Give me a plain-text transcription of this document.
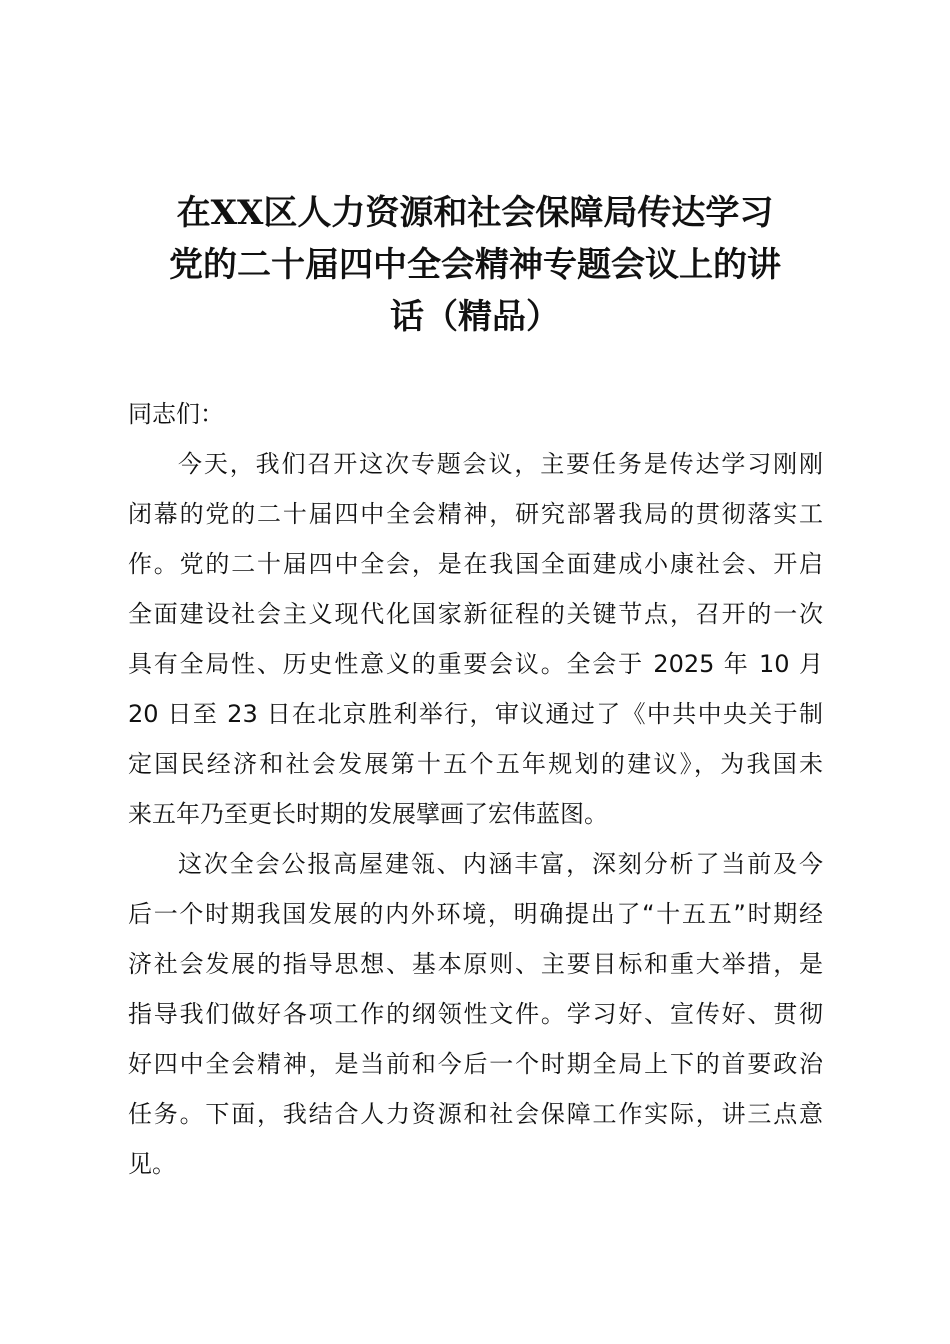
在XX区人力资源和社会保障局传达学习
党的二十届四中全会精神专题会议上的讲
话（精品）
同志们：
今天，我们召开这次专题会议，主要任务是传达学习刚刚
闭幕的党的二十届四中全会精神，研究部署我局的贯彻落实工
作。党的二十届四中全会，是在我国全面建成小康社会、开启
全面建设社会主义现代化国家新征程的关键节点，召开的一次
具有全局性、历史性意义的重要会议。全会于 2025 年 10 月
20 日至 23 日在北京胜利举行，审议通过了《中共中央关于制
定国民经济和社会发展第十五个五年规划的建议》，为我国未
来五年乃至更长时期的发展擘画了宏伟蓝图。
这次全会公报高屋建瓴、内涵丰富，深刻分析了当前及今
后一个时期我国发展的内外环境，明确提出了“十五五”时期经
济社会发展的指导思想、基本原则、主要目标和重大举措，是
指导我们做好各项工作的纲领性文件。学习好、宣传好、贯彻
好四中全会精神，是当前和今后一个时期全局上下的首要政治
任务。下面，我结合人力资源和社会保障工作实际，讲三点意
见。
